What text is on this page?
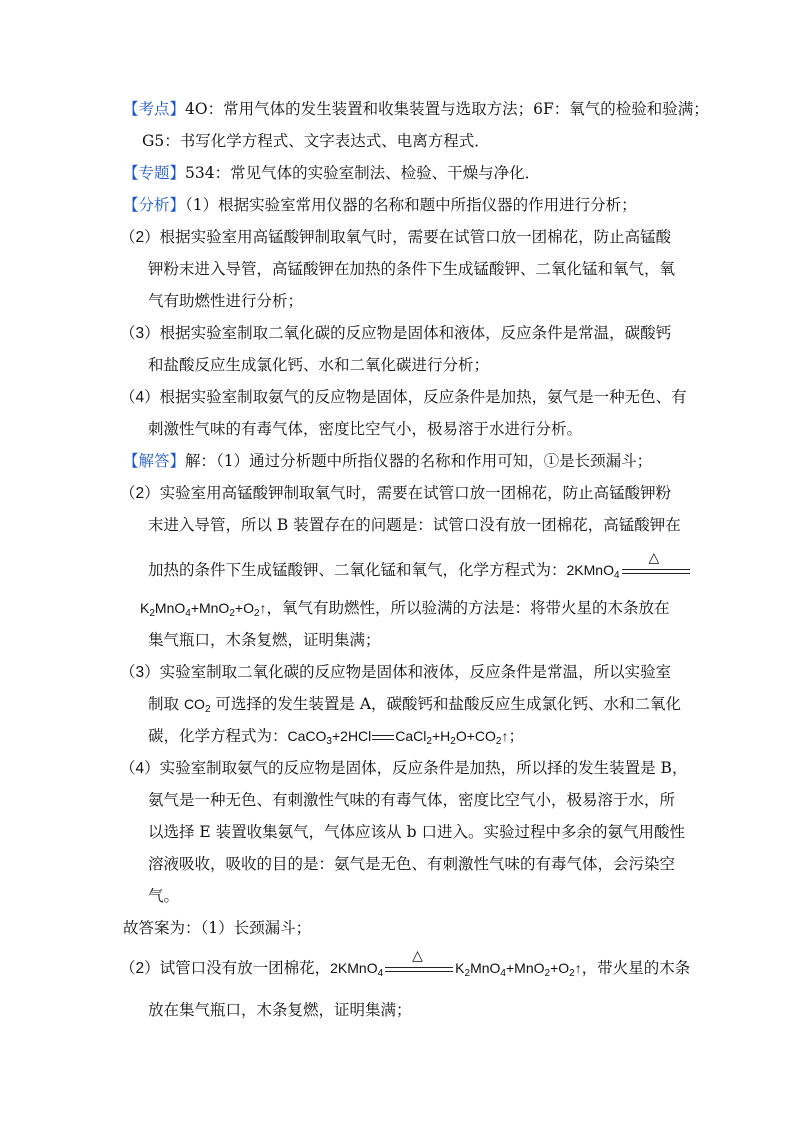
【考点】4O：常用气体的发生装置和收集装置与选取方法；6F：氧气的检验和验满；
G5：书写化学方程式、文字表达式、电离方程式．
【专题】534：常见气体的实验室制法、检验、干燥与净化．
【分析】（1）根据实验室常用仪器的名称和题中所指仪器的作用进行分析；
（2）根据实验室用高锰酸钾制取氧气时，需要在试管口放一团棉花，防止高锰酸
钾粉末进入导管，高锰酸钾在加热的条件下生成锰酸钾、二氧化锰和氧气，氧
气有助燃性进行分析；
（3）根据实验室制取二氧化碳的反应物是固体和液体，反应条件是常温，碳酸钙
和盐酸反应生成氯化钙、水和二氧化碳进行分析；
（4）根据实验室制取氨气的反应物是固体，反应条件是加热，氨气是一种无色、有
刺激性气味的有毒气体，密度比空气小，极易溶于水进行分析。
【解答】解：（1）通过分析题中所指仪器的名称和作用可知，①是长颈漏斗；
（2）实验室用高锰酸钾制取氧气时，需要在试管口放一团棉花，防止高锰酸钾粉
末进入导管，所以 B 装置存在的问题是：试管口没有放一团棉花，高锰酸钾在
加热的条件下生成锰酸钾、二氧化锰和氧气，化学方程式为：2KMnO$_4$
△
$K_2MnO_4+MnO_2+O_2↑$，氧气有助燃性，所以验满的方法是：将带火星的木条放在
集气瓶口，木条复燃，证明集满；
（3）实验室制取二氧化碳的反应物是固体和液体，反应条件是常温，所以实验室
制取 $CO_2$ 可选择的发生装置是 A，碳酸钙和盐酸反应生成氯化钙、水和二氧化
碳，化学方程式为：CaCO$_3$+2HCl $CaCl_2+H_2O+CO_2↑$；
（4）实验室制取氨气的反应物是固体，反应条件是加热，所以择的发生装置是 B，
氨气是一种无色、有刺激性气味的有毒气体，密度比空气小，极易溶于水，所
以选择 E 装置收集氨气，气体应该从 b 口进入。实验过程中多余的氨气用酸性
溶液吸收，吸收的目的是：氨气是无色、有刺激性气味的有毒气体，会污染空
气。
故答案为：（1）长颈漏斗；
（2）试管口没有放一团棉花，2KMnO$_4$
△
$K_2MnO_4+MnO_2+O_2↑$，带火星的木条
放在集气瓶口，木条复燃，证明集满；
